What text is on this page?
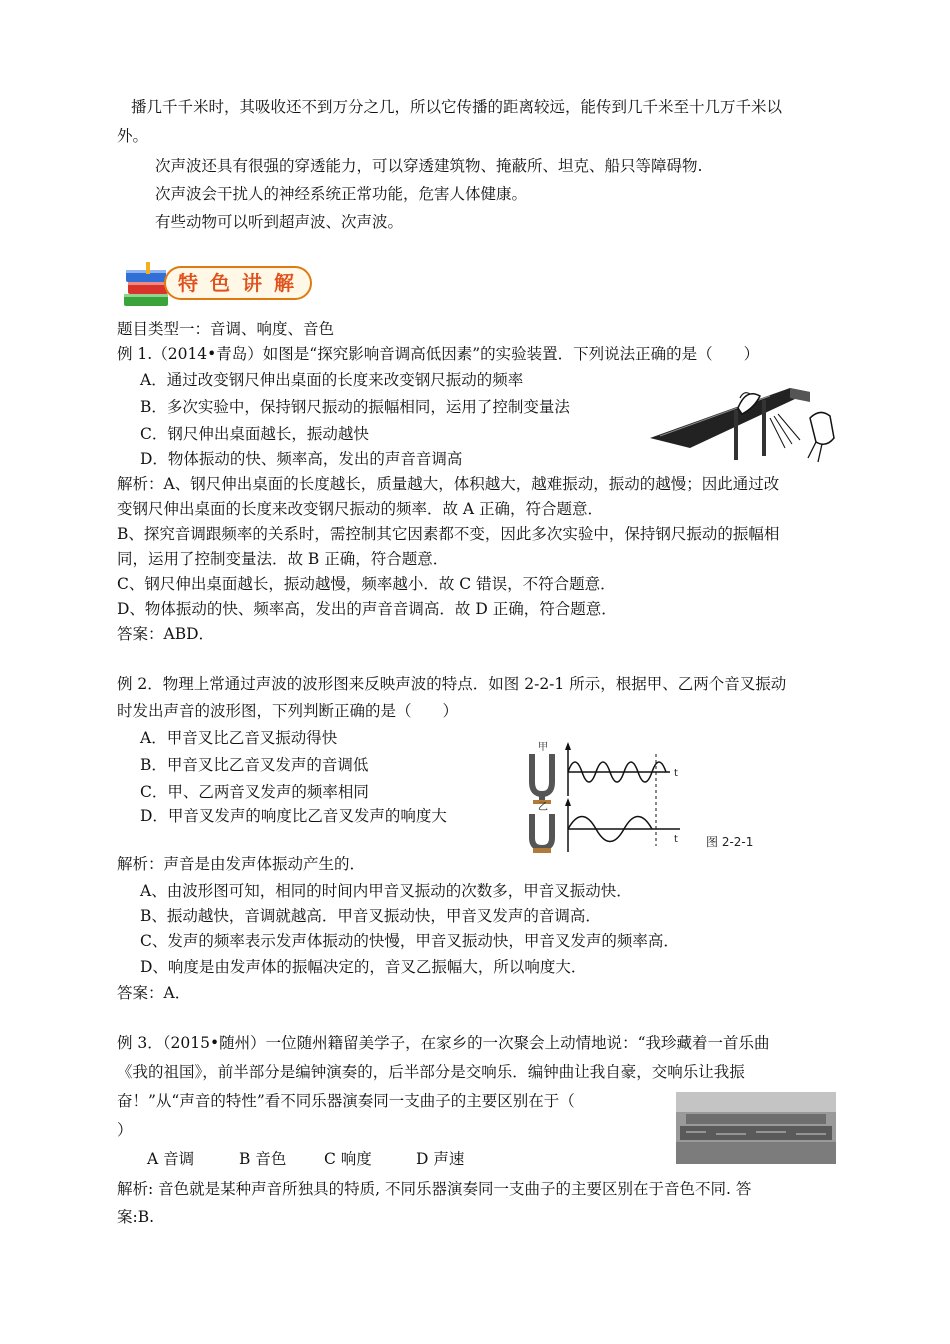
播几千千米时，其吸收还不到万分之几，所以它传播的距离较远，能传到几千米至十几万千米以
外。
次声波还具有很强的穿透能力，可以穿透建筑物、掩蔽所、坦克、船只等障碍物.
次声波会干扰人的神经系统正常功能，危害人体健康。
有些动物可以听到超声波、次声波。
特色讲解
题目类型一：音调、响度、音色
例 1.（2014•青岛）如图是“探究影响音调高低因素”的实验装置．下列说法正确的是（　　）
A．通过改变钢尺伸出桌面的长度来改变钢尺振动的频率
B．多次实验中，保持钢尺振动的振幅相同，运用了控制变量法
C．钢尺伸出桌面越长，振动越快
D．物体振动的快、频率高，发出的声音音调高
解析：A、钢尺伸出桌面的长度越长，质量越大，体积越大，越难振动，振动的越慢；因此通过改
变钢尺伸出桌面的长度来改变钢尺振动的频率．故 A 正确，符合题意．
B、探究音调跟频率的关系时，需控制其它因素都不变，因此多次实验中，保持钢尺振动的振幅相
同，运用了控制变量法．故 B 正确，符合题意．
C、钢尺伸出桌面越长，振动越慢，频率越小．故 C 错误，不符合题意．
D、物体振动的快、频率高，发出的声音音调高．故 D 正确，符合题意．
答案：ABD．
例 2．物理上常通过声波的波形图来反映声波的特点．如图 2-2-1 所示，根据甲、乙两个音叉振动
时发出声音的波形图，下列判断正确的是（　　）
A．甲音叉比乙音叉振动得快
B．甲音叉比乙音叉发声的音调低
C．甲、乙两音叉发声的频率相同
D．甲音叉发声的响度比乙音叉发声的响度大
甲
乙
t
t 图 2-2-1
解析：声音是由发声体振动产生的．
A、由波形图可知，相同的时间内甲音叉振动的次数多，甲音叉振动快．
B、振动越快，音调就越高．甲音叉振动快，甲音叉发声的音调高．
C、发声的频率表示发声体振动的快慢，甲音叉振动快，甲音叉发声的频率高．
D、响度是由发声体的振幅决定的，音叉乙振幅大，所以响度大．
答案：A．
例 3．（2015•随州）一位随州籍留美学子，在家乡的一次聚会上动情地说：“我珍藏着一首乐曲
《我的祖国》，前半部分是编钟演奏的，后半部分是交响乐．编钟曲让我自豪，交响乐让我振
奋！”从“声音的特性”看不同乐器演奏同一支曲子的主要区别在于（
）
A 音调	B 音色 C 响度	D 声速
解析: 音色就是某种声音所独具的特质, 不同乐器演奏同一支曲子的主要区别在于音色不同. 答
案:B.
